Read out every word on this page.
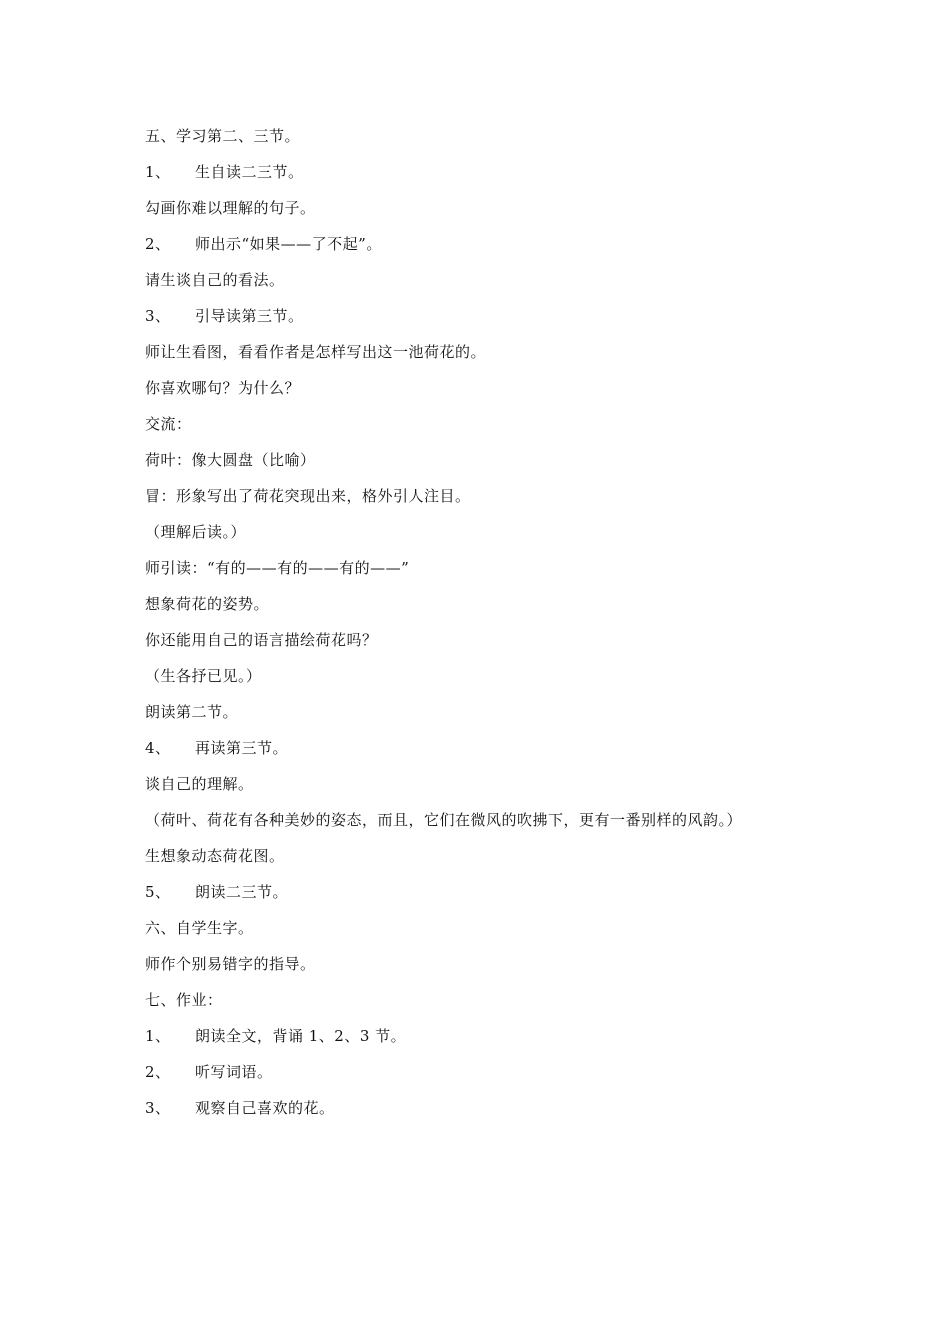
五、学习第二、三节。
1、 生自读二三节。
勾画你难以理解的句子。
2、 师出示“如果——了不起”。
请生谈自己的看法。
3、 引导读第三节。
师让生看图，看看作者是怎样写出这一池荷花的。
你喜欢哪句？为什么？
交流：
荷叶：像大圆盘（比喻）
冒：形象写出了荷花突现出来，格外引人注目。
（理解后读。）
师引读：“有的——有的——有的——”
想象荷花的姿势。
你还能用自己的语言描绘荷花吗？
（生各抒已见。）
朗读第二节。
4、 再读第三节。
谈自己的理解。
（荷叶、荷花有各种美妙的姿态，而且，它们在微风的吹拂下，更有一番别样的风韵。）
生想象动态荷花图。
5、 朗读二三节。
六、自学生字。
师作个别易错字的指导。
七、作业：
1、 朗读全文，背诵 1、2、3 节。
2、 听写词语。
3、 观察自己喜欢的花。
